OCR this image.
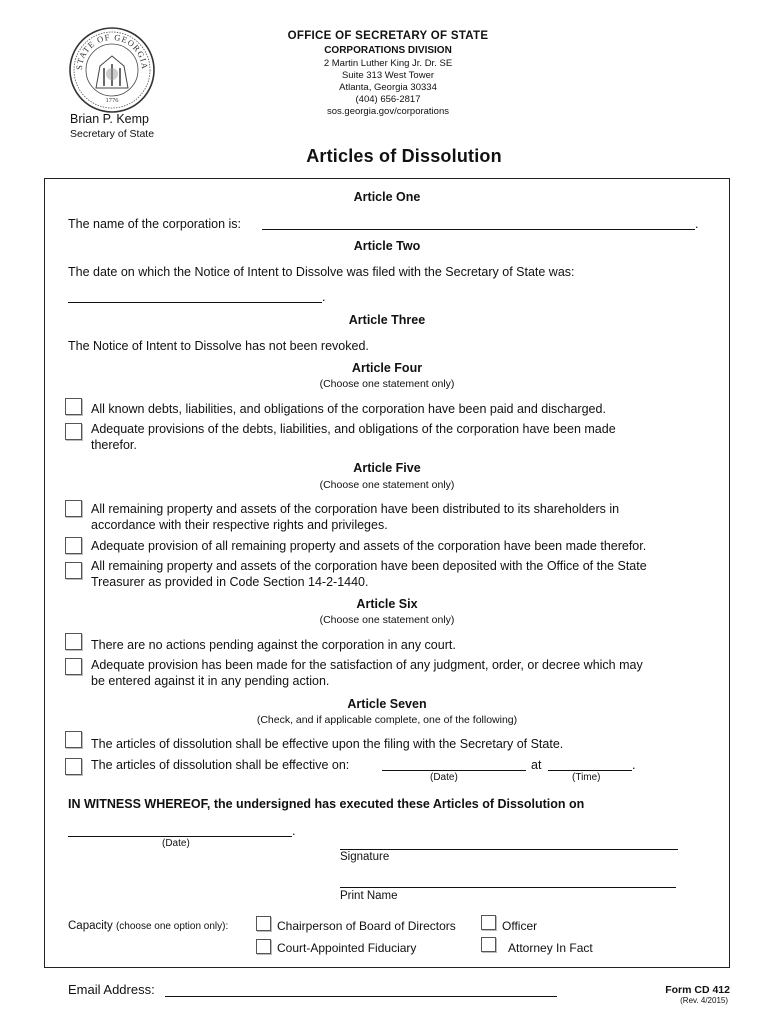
STATE OF GEORGIA
1776
Brian P. Kemp
Secretary of State
OFFICE OF SECRETARY OF STATE
CORPORATIONS DIVISION
2 Martin Luther King Jr. Dr. SE
Suite 313 West Tower
Atlanta, Georgia 30334
(404) 656-2817
sos.georgia.gov/corporations
Articles of Dissolution
Article One
The name of the corporation is:	.
Article Two
The date on which the Notice of Intent to Dissolve was filed with the Secretary of State was:
.
Article Three
The Notice of Intent to Dissolve has not been revoked.
Article Four
(Choose one statement only)
All known debts, liabilities, and obligations of the corporation have been paid and discharged.
Adequate provisions of the debts, liabilities, and obligations of the corporation have been made
therefor.
Article Five
(Choose one statement only)
All remaining property and assets of the corporation have been distributed to its shareholders in
accordance with their respective rights and privileges.
Adequate provision of all remaining property and assets of the corporation have been made therefor.
All remaining property and assets of the corporation have been deposited with the Office of the State
Treasurer as provided in Code Section 14-2-1440.
Article Six
(Choose one statement only)
There are no actions pending against the corporation in any court.
Adequate provision has been made for the satisfaction of any judgment, order, or decree which may
be entered against it in any pending action.
Article Seven
(Check, and if applicable complete, one of the following)
The articles of dissolution shall be effective upon the filing with the Secretary of State.
The articles of dissolution shall be effective on:	at	.
(Date)	(Time)
IN WITNESS WHEREOF, the undersigned has executed these Articles of Dissolution on
.
(Date)
Signature
Print Name
Capacity (choose one option only):	Chairperson of Board of Directors	Officer
Court-Appointed Fiduciary	Attorney In Fact
Email Address:	Form CD 412
(Rev. 4/2015)
